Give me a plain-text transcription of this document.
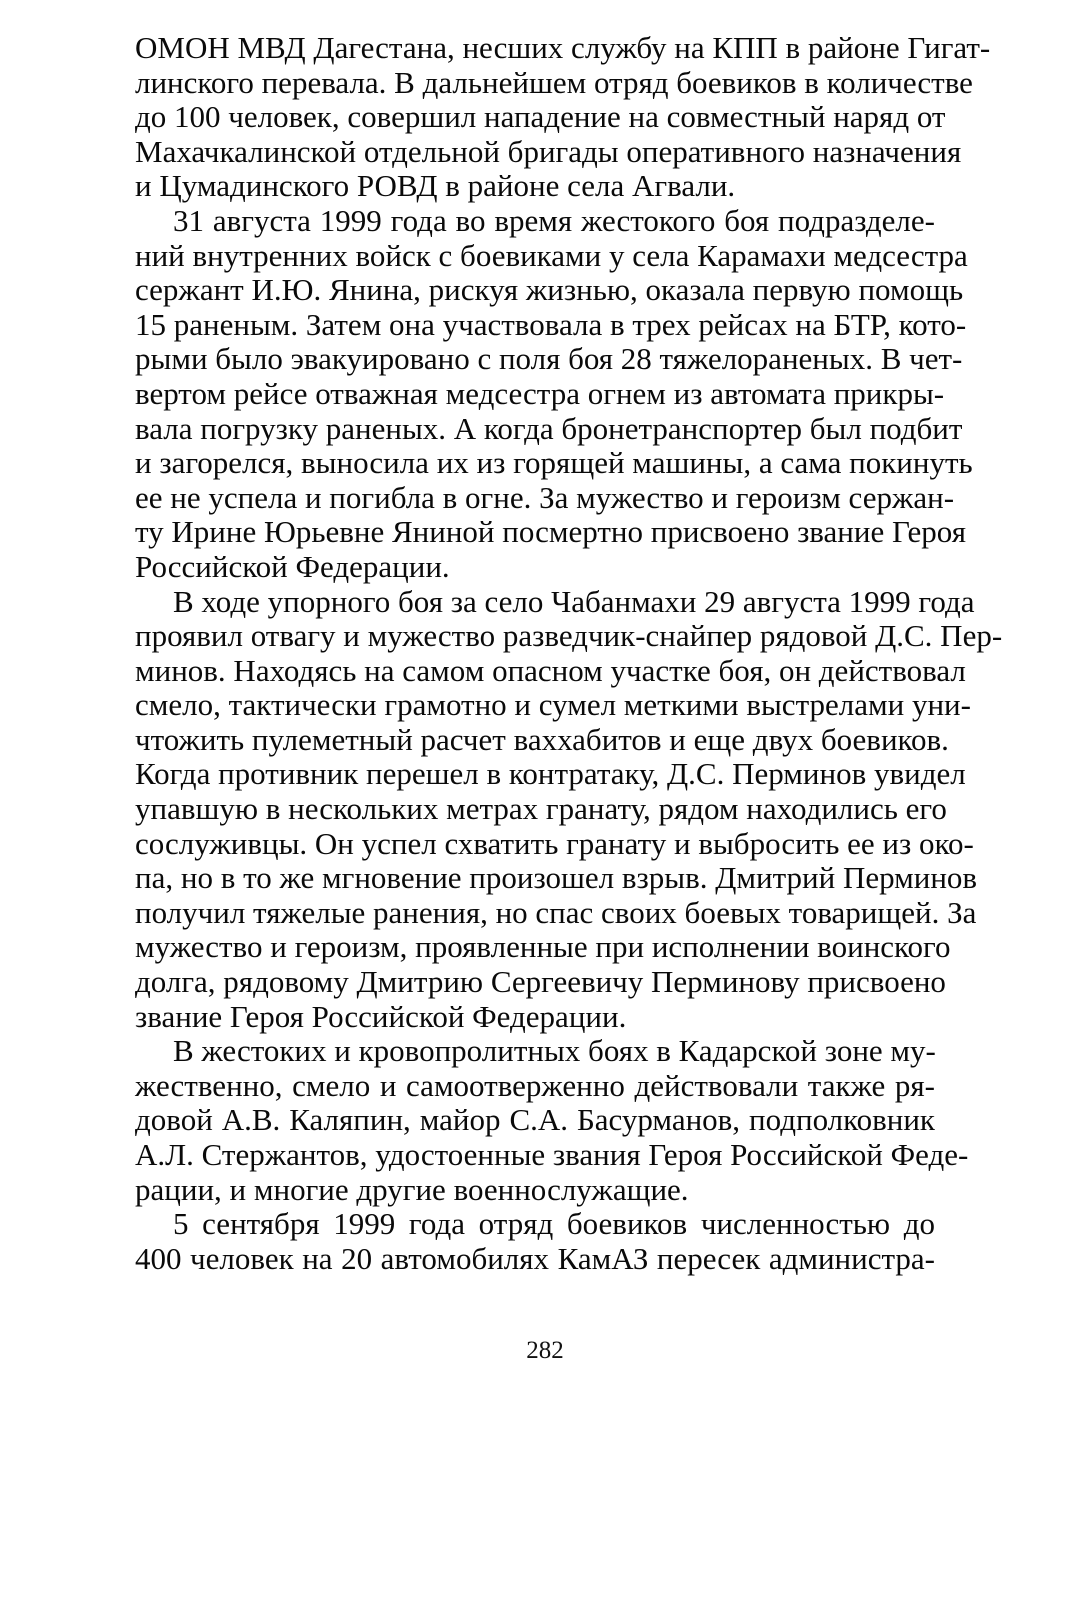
ОМОН МВД Дагестана, несших службу на КПП в районе Гигат-
линского перевала. В дальнейшем отряд боевиков в количестве
до 100 человек, совершил нападение на совместный наряд от
Махачкалинской отдельной бригады оперативного назначения
и Цумадинского РОВД в районе села Агвали.
31 августа 1999 года во время жестокого боя подразделе-
ний внутренних войск с боевиками у села Карамахи медсестра
сержант И.Ю. Янина, рискуя жизнью, оказала первую помощь
15 раненым. Затем она участвовала в трех рейсах на БТР, кото-
рыми было эвакуировано с поля боя 28 тяжелораненых. В чет-
вертом рейсе отважная медсестра огнем из автомата прикры-
вала погрузку раненых. А когда бронетранспортер был подбит
и загорелся, выносила их из горящей машины, а сама покинуть
ее не успела и погибла в огне. За мужество и героизм сержан-
ту Ирине Юрьевне Яниной посмертно присвоено звание Героя
Российской Федерации.
В ходе упорного боя за село Чабанмахи 29 августа 1999 года
проявил отвагу и мужество разведчик-снайпер рядовой Д.С. Пер-
минов. Находясь на самом опасном участке боя, он действовал
смело, тактически грамотно и сумел меткими выстрелами уни-
чтожить пулеметный расчет ваххабитов и еще двух боевиков.
Когда противник перешел в контратаку, Д.С. Перминов увидел
упавшую в нескольких метрах гранату, рядом находились его
сослуживцы. Он успел схватить гранату и выбросить ее из око-
па, но в то же мгновение произошел взрыв. Дмитрий Перминов
получил тяжелые ранения, но спас своих боевых товарищей. За
мужество и героизм, проявленные при исполнении воинского
долга, рядовому Дмитрию Сергеевичу Перминову присвоено
звание Героя Российской Федерации.
В жестоких и кровопролитных боях в Кадарской зоне му-
жественно, смело и самоотверженно действовали также ря-
довой А.В. Каляпин, майор С.А. Басурманов, подполковник
А.Л. Стержантов, удостоенные звания Героя Российской Феде-
рации, и многие другие военнослужащие.
5 сентября 1999 года отряд боевиков численностью до
400 человек на 20 автомобилях КамАЗ пересек администра-
282
